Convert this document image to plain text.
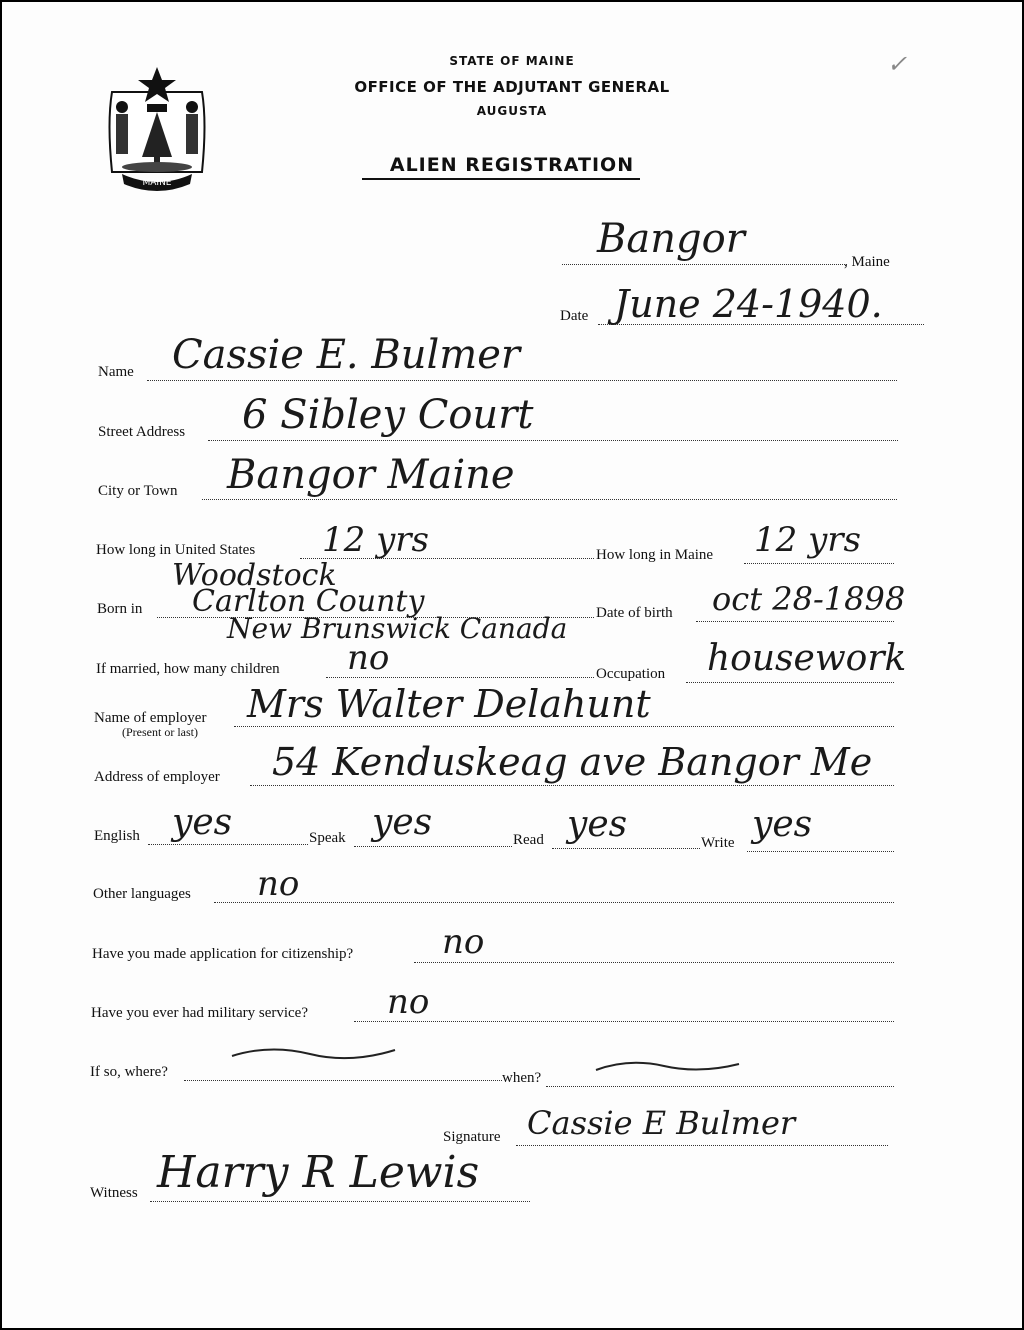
MAINE
STATE OF MAINE
OFFICE OF THE ADJUTANT GENERAL
AUGUSTA
ALIEN REGISTRATION
✓
Bangor	, Maine
Date June 24-1940.
Name Cassie E. Bulmer
Street Address 6 Sibley Court
City or Town Bangor Maine
How long in United States 12 yrs	How long in Maine 12 yrs
Born in
Woodstock
Carlton County
New Brunswick Canada Date of birth oct 28-1898
If married, how many children no	Occupation housework
Name of employer
(Present or last)
Mrs Walter Delahunt
Address of employer 54 Kenduskeag ave Bangor Me
English yes	Speak yes	Read yes	Write yes
Other languages no
Have you made application for citizenship?	no
Have you ever had military service? no
If so, where?	when?
Signature Cassie E Bulmer
Witness Harry R Lewis
